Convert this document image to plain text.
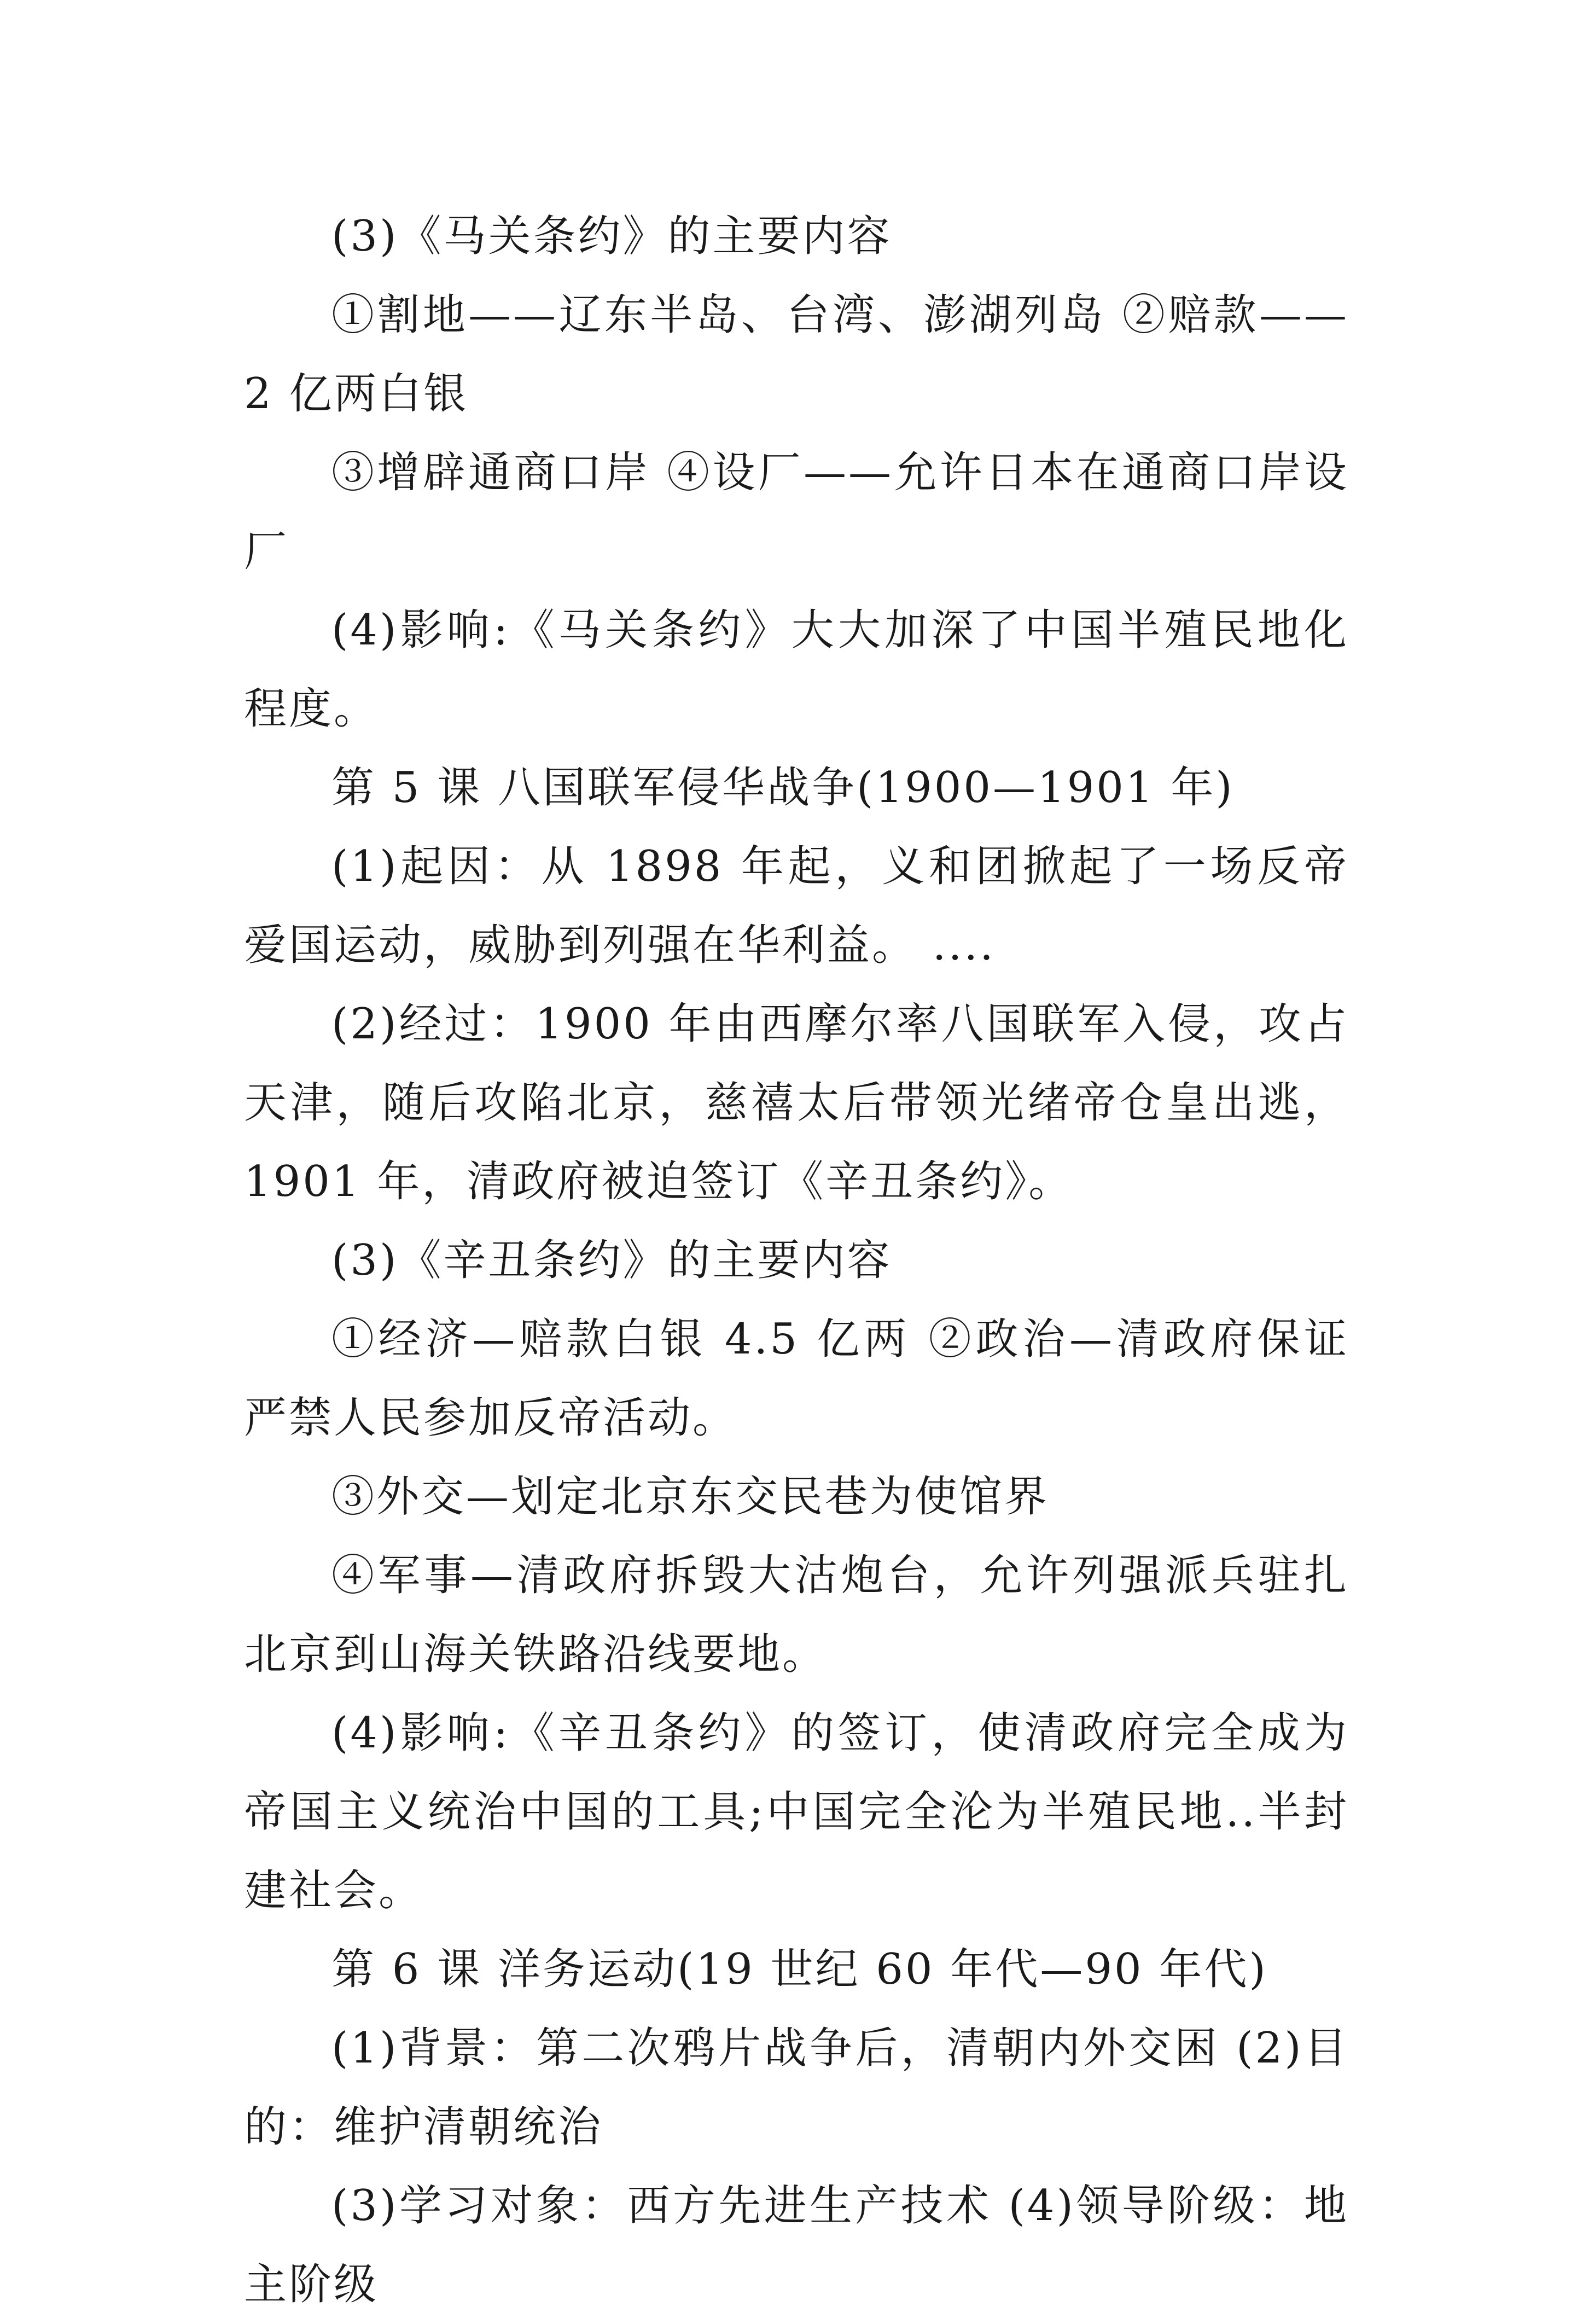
(3)《马关条约》的主要内容

①割地——辽东半岛、台湾、澎湖列岛 ②赔款——2 亿两白银

③增辟通商口岸 ④设厂——允许日本在通商口岸设厂

(4)影响:《马关条约》大大加深了中国半殖民地化程度。

第 5 课 八国联军侵华战争(1900—1901 年)

(1)起因：从 1898 年起，义和团掀起了一场反帝爱国运动，威胁到列强在华利益。 ....

(2)经过：1900 年由西摩尔率八国联军入侵，攻占天津，随后攻陷北京，慈禧太后带领光绪帝仓皇出逃，1901 年，清政府被迫签订《辛丑条约》。

(3)《辛丑条约》的主要内容

①经济—赔款白银 4.5 亿两 ②政治—清政府保证严禁人民参加反帝活动。

③外交—划定北京东交民巷为使馆界

④军事—清政府拆毁大沽炮台，允许列强派兵驻扎北京到山海关铁路沿线要地。

(4)影响:《辛丑条约》的签订，使清政府完全成为帝国主义统治中国的工具;中国完全沦为半殖民地..半封建社会。

第 6 课 洋务运动(19 世纪 60 年代—90 年代)

(1)背景：第二次鸦片战争后，清朝内外交困 (2)目的：维护清朝统治

(3)学习对象：西方先进生产技术 (4)领导阶级：地主阶级
